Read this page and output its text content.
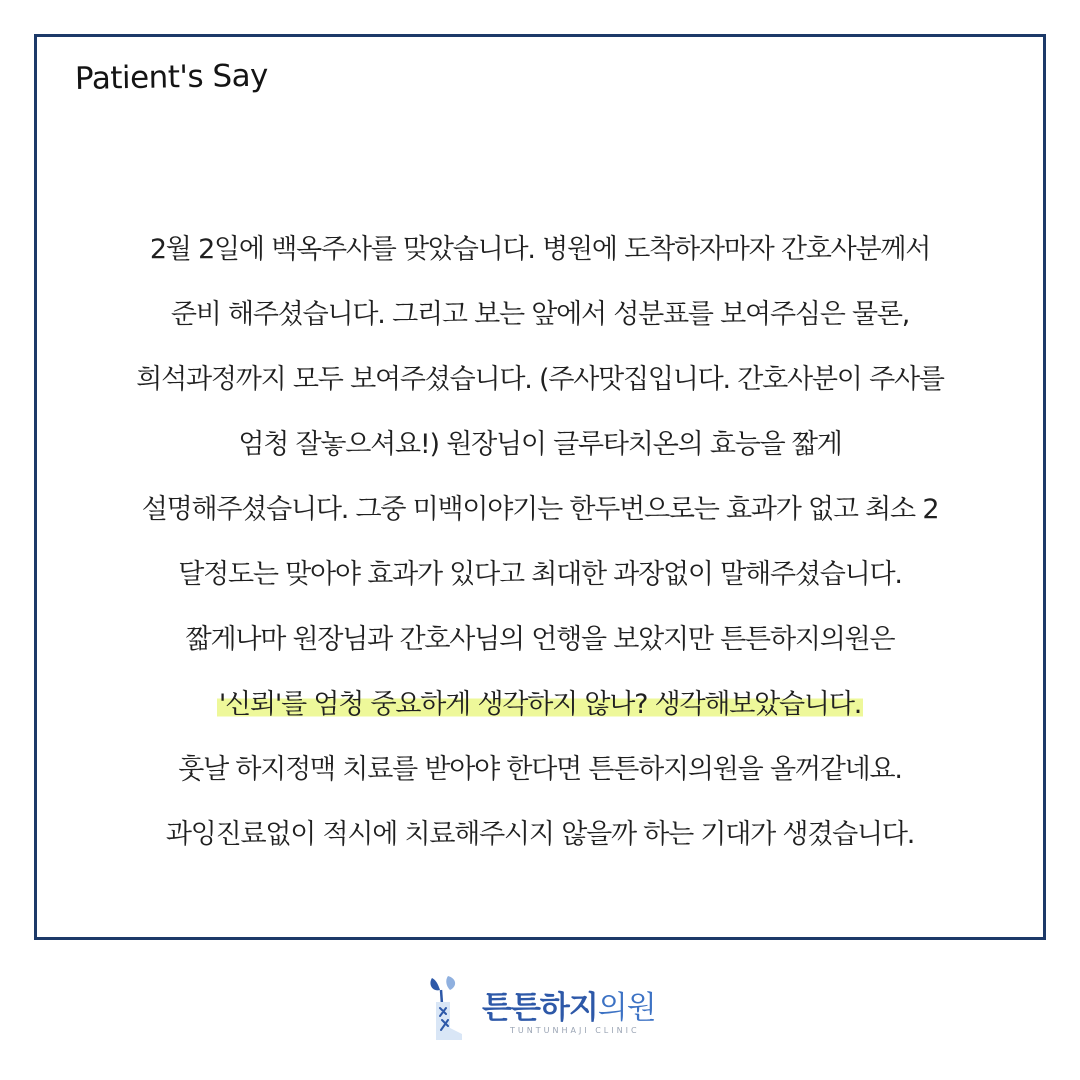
Patient's Say
2월 2일에 백옥주사를 맞았습니다. 병원에 도착하자마자 간호사분께서
준비 해주셨습니다. 그리고 보는 앞에서 성분표를 보여주심은 물론,
희석과정까지 모두 보여주셨습니다. (주사맛집입니다. 간호사분이 주사를
엄청 잘놓으셔요!) 원장님이 글루타치온의 효능을 짧게
설명해주셨습니다. 그중 미백이야기는 한두번으로는 효과가 없고 최소 2
달정도는 맞아야 효과가 있다고 최대한 과장없이 말해주셨습니다.
짧게나마 원장님과 간호사님의 언행을 보았지만 튼튼하지의원은
'신뢰'를 엄청 중요하게 생각하지 않나? 생각해보았습니다.
훗날 하지정맥 치료를 받아야 한다면 튼튼하지의원을 올꺼같네요.
과잉진료없이 적시에 치료해주시지 않을까 하는 기대가 생겼습니다.
튼튼하지의원
TUNTUNHAJI CLINIC
